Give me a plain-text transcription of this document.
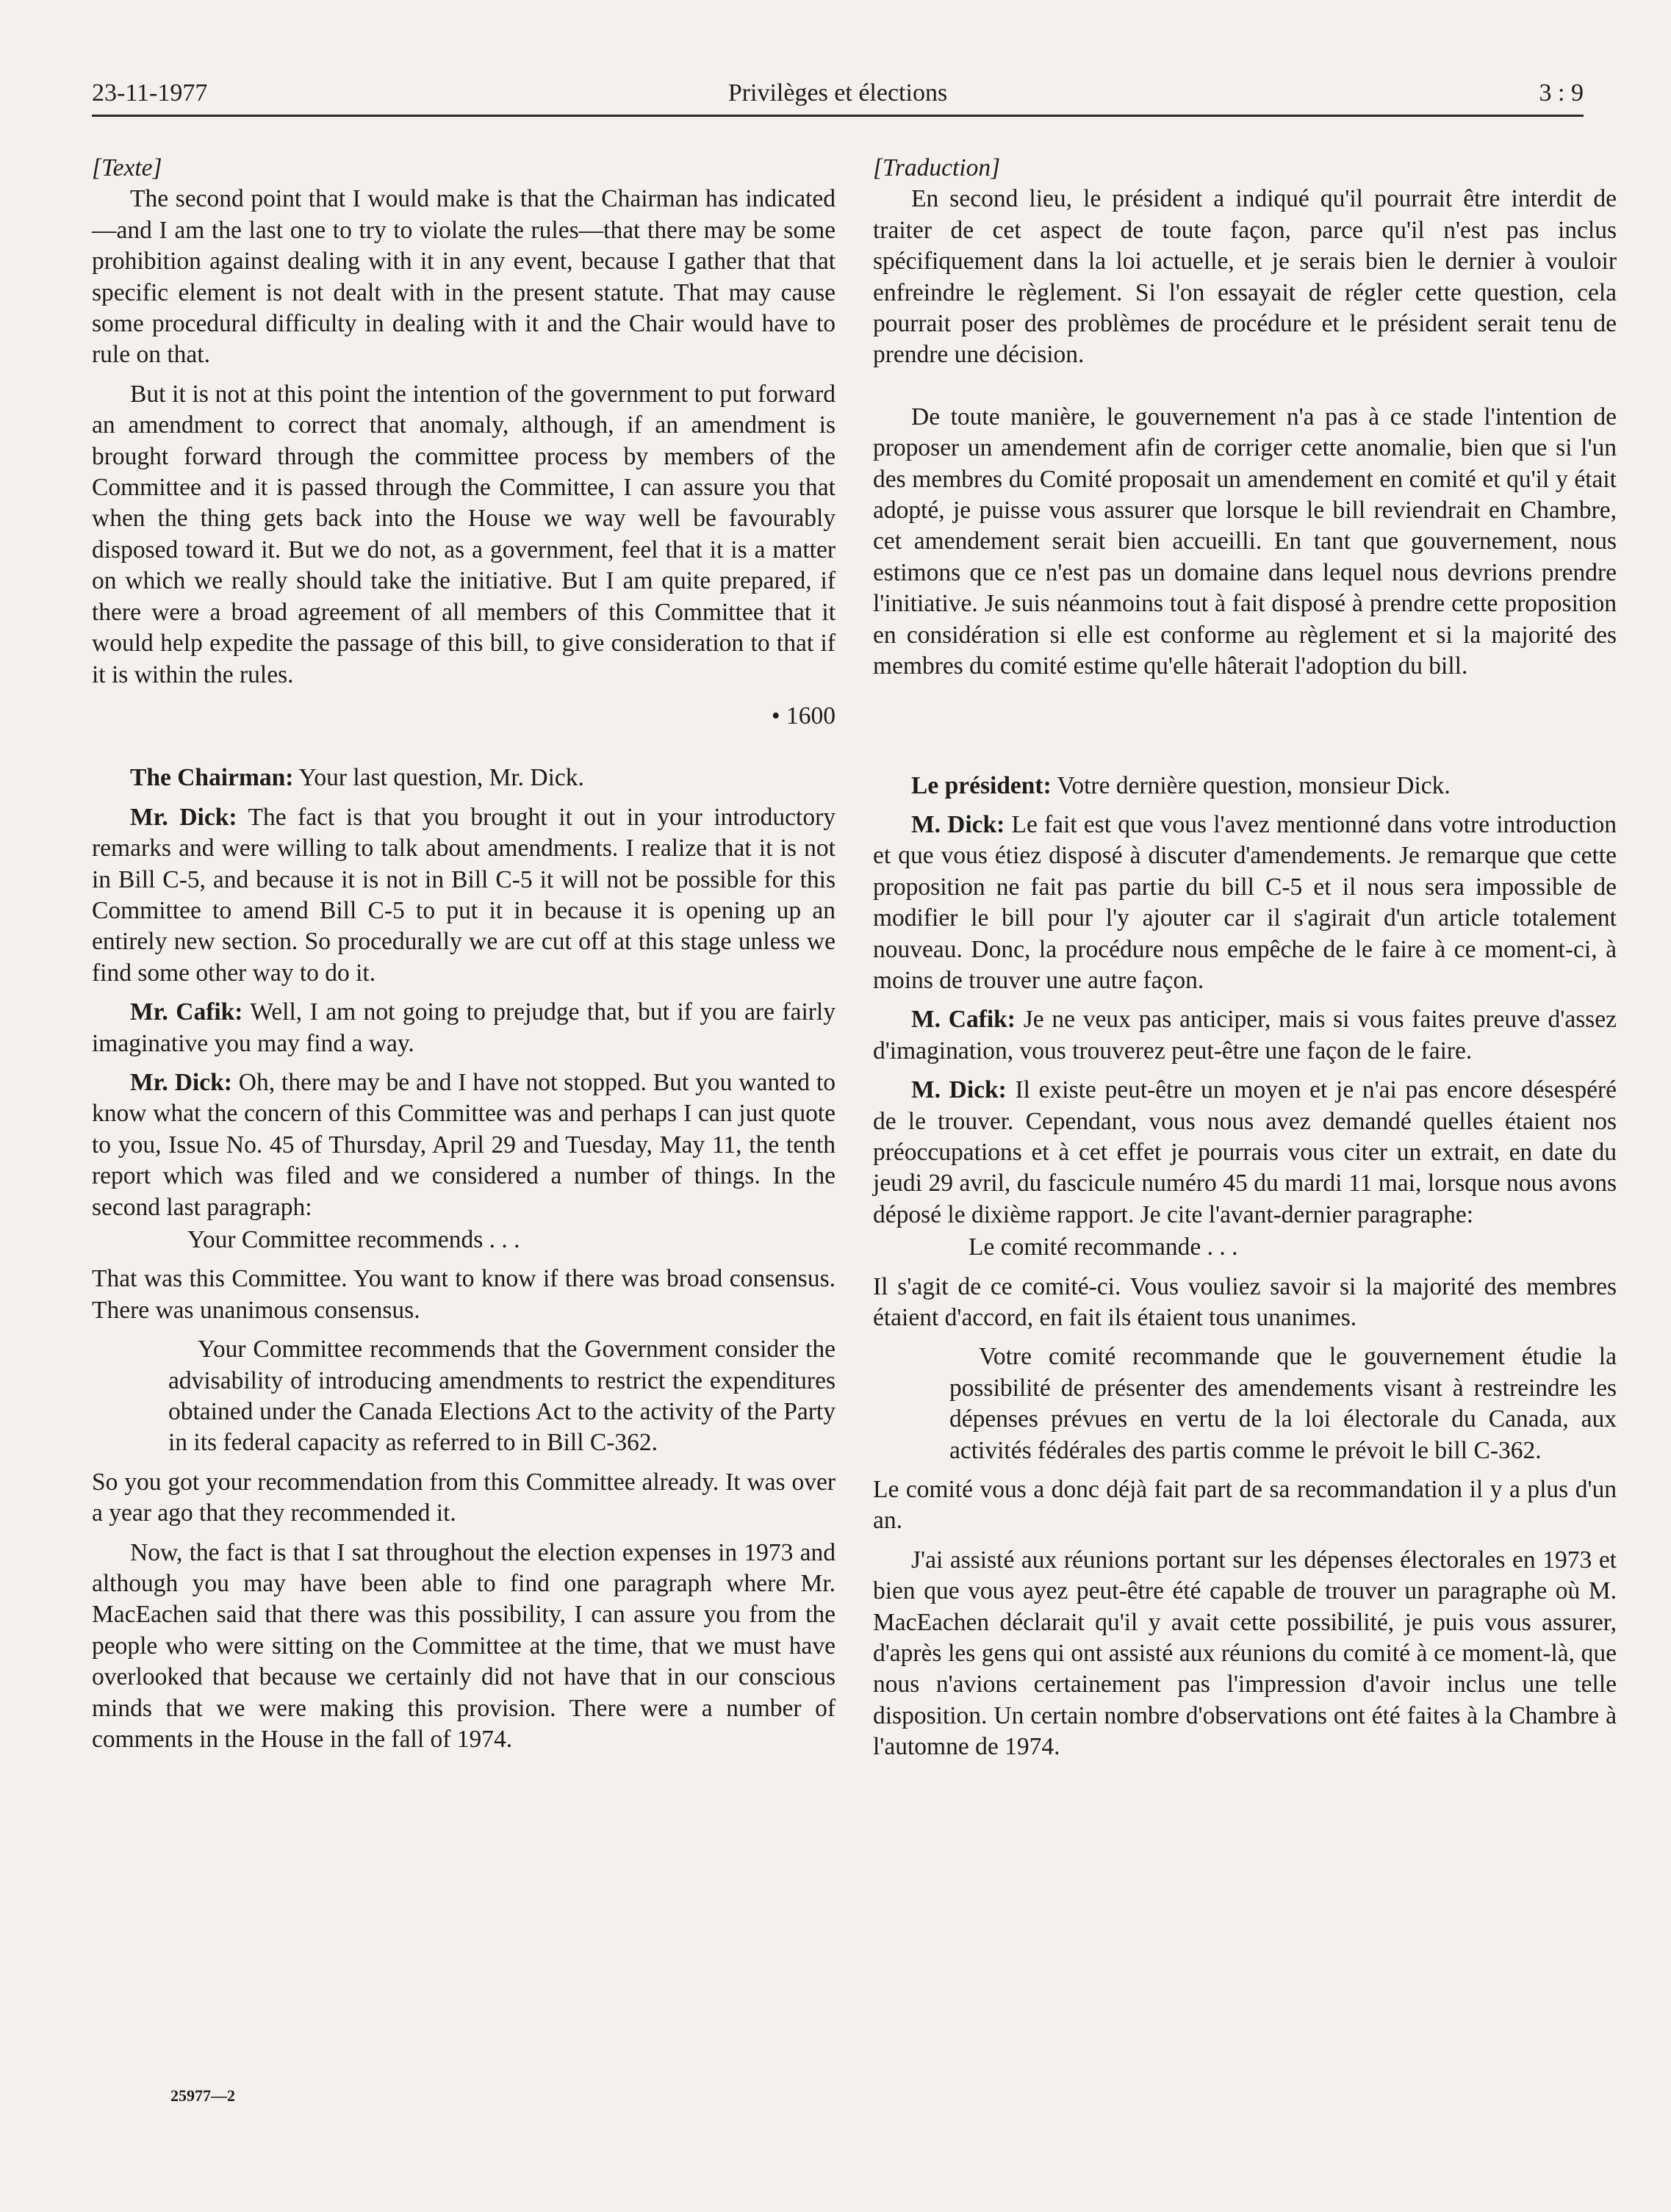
23-11-1977	Privilèges et élections	3 : 9

[Texte]

The second point that I would make is that the Chairman has indicated—and I am the last one to try to violate the rules—that there may be some prohibition against dealing with it in any event, because I gather that that specific element is not dealt with in the present statute. That may cause some procedural difficulty in dealing with it and the Chair would have to rule on that.

But it is not at this point the intention of the government to put forward an amendment to correct that anomaly, although, if an amendment is brought forward through the committee process by members of the Committee and it is passed through the Committee, I can assure you that when the thing gets back into the House we way well be favourably disposed toward it. But we do not, as a government, feel that it is a matter on which we really should take the initiative. But I am quite prepared, if there were a broad agreement of all members of this Committee that it would help expedite the passage of this bill, to give consideration to that if it is within the rules.

• 1600

The Chairman: Your last question, Mr. Dick.

Mr. Dick: The fact is that you brought it out in your introductory remarks and were willing to talk about amendments. I realize that it is not in Bill C-5, and because it is not in Bill C-5 it will not be possible for this Committee to amend Bill C-5 to put it in because it is opening up an entirely new section. So procedurally we are cut off at this stage unless we find some other way to do it.

Mr. Cafik: Well, I am not going to prejudge that, but if you are fairly imaginative you may find a way.

Mr. Dick: Oh, there may be and I have not stopped. But you wanted to know what the concern of this Committee was and perhaps I can just quote to you, Issue No. 45 of Thursday, April 29 and Tuesday, May 11, the tenth report which was filed and we considered a number of things. In the second last paragraph:

Your Committee recommends . . .

That was this Committee. You want to know if there was broad consensus. There was unanimous consensus.

Your Committee recommends that the Government consider the advisability of introducing amendments to restrict the expenditures obtained under the Canada Elections Act to the activity of the Party in its federal capacity as referred to in Bill C-362.

So you got your recommendation from this Committee already. It was over a year ago that they recommended it.

Now, the fact is that I sat throughout the election expenses in 1973 and although you may have been able to find one paragraph where Mr. MacEachen said that there was this possibility, I can assure you from the people who were sitting on the Committee at the time, that we must have overlooked that because we certainly did not have that in our conscious minds that we were making this provision. There were a number of comments in the House in the fall of 1974.

[Traduction]

En second lieu, le président a indiqué qu'il pourrait être interdit de traiter de cet aspect de toute façon, parce qu'il n'est pas inclus spécifiquement dans la loi actuelle, et je serais bien le dernier à vouloir enfreindre le règlement. Si l'on essayait de régler cette question, cela pourrait poser des problèmes de procédure et le président serait tenu de prendre une décision.

De toute manière, le gouvernement n'a pas à ce stade l'intention de proposer un amendement afin de corriger cette anomalie, bien que si l'un des membres du Comité proposait un amendement en comité et qu'il y était adopté, je puisse vous assurer que lorsque le bill reviendrait en Chambre, cet amendement serait bien accueilli. En tant que gouvernement, nous estimons que ce n'est pas un domaine dans lequel nous devrions prendre l'initiative. Je suis néanmoins tout à fait disposé à prendre cette proposition en considération si elle est conforme au règlement et si la majorité des membres du comité estime qu'elle hâterait l'adoption du bill.

Le président: Votre dernière question, monsieur Dick.

M. Dick: Le fait est que vous l'avez mentionné dans votre introduction et que vous étiez disposé à discuter d'amendements. Je remarque que cette proposition ne fait pas partie du bill C-5 et il nous sera impossible de modifier le bill pour l'y ajouter car il s'agirait d'un article totalement nouveau. Donc, la procédure nous empêche de le faire à ce moment-ci, à moins de trouver une autre façon.

M. Cafik: Je ne veux pas anticiper, mais si vous faites preuve d'assez d'imagination, vous trouverez peut-être une façon de le faire.

M. Dick: Il existe peut-être un moyen et je n'ai pas encore désespéré de le trouver. Cependant, vous nous avez demandé quelles étaient nos préoccupations et à cet effet je pourrais vous citer un extrait, en date du jeudi 29 avril, du fascicule numéro 45 du mardi 11 mai, lorsque nous avons déposé le dixième rapport. Je cite l'avant-dernier paragraphe:

Le comité recommande . . .

Il s'agit de ce comité-ci. Vous vouliez savoir si la majorité des membres étaient d'accord, en fait ils étaient tous unanimes.

Votre comité recommande que le gouvernement étudie la possibilité de présenter des amendements visant à restreindre les dépenses prévues en vertu de la loi électorale du Canada, aux activités fédérales des partis comme le prévoit le bill C-362.

Le comité vous a donc déjà fait part de sa recommandation il y a plus d'un an.

J'ai assisté aux réunions portant sur les dépenses électorales en 1973 et bien que vous ayez peut-être été capable de trouver un paragraphe où M. MacEachen déclarait qu'il y avait cette possibilité, je puis vous assurer, d'après les gens qui ont assisté aux réunions du comité à ce moment-là, que nous n'avions certainement pas l'impression d'avoir inclus une telle disposition. Un certain nombre d'observations ont été faites à la Chambre à l'automne de 1974.

25977—2
